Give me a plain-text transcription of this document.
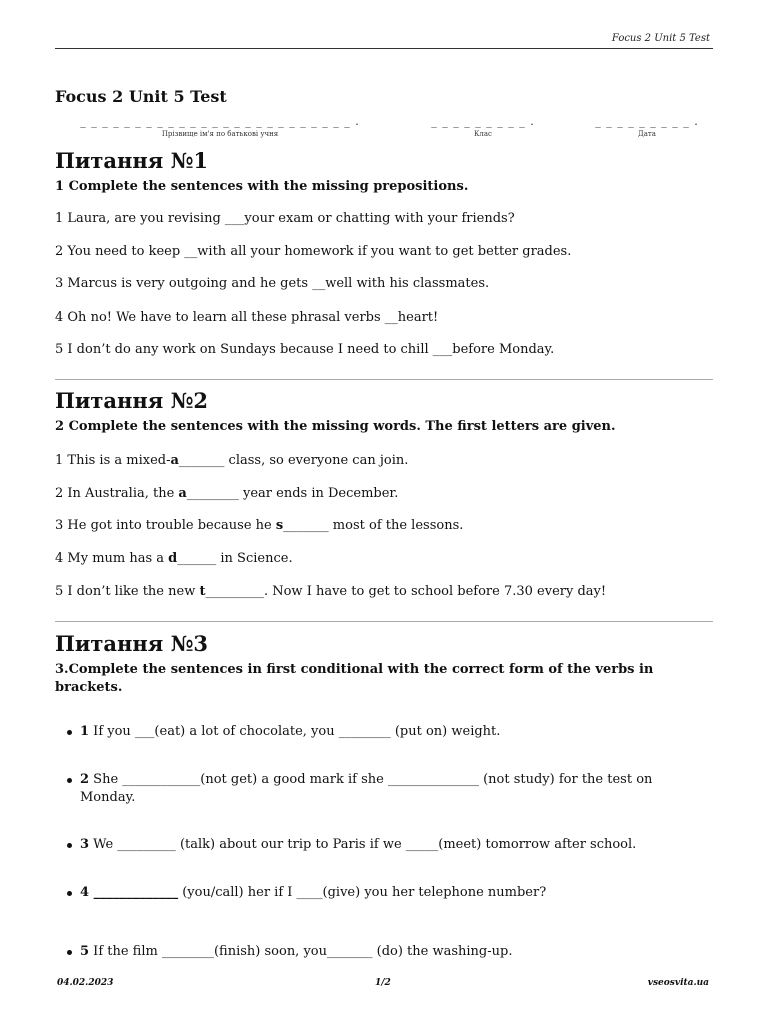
Focus 2 Unit 5 Test
Focus 2 Unit 5 Test
_ _ _ _ _ _ _ _ _ _ _ _ _ _ _ _ _ _ _ _ _ _ _ _ _ .
Прізвище ім'я по батькові учня
_ _ _ _ _ _ _ _ _ .
Клас
_ _ _ _ _ _ _ _ _ .
Дата
Питання №1
1 Complete the sentences with the missing prepositions.
1 Laura, are you revising ___your exam or chatting with your friends?
2 You need to keep __with all your homework if you want to get better grades.
3 Marcus is very outgoing and he gets __well with his classmates.
4 Oh no! We have to learn all these phrasal verbs __heart!
5 I don’t do any work on Sundays because I need to chill ___before Monday.
Питання №2
2 Complete the sentences with the missing words. The first letters are given.
1 This is a mixed-a_______ class, so everyone can join.
2 In Australia, the a________ year ends in December.
3 He got into trouble because he s_______ most of the lessons.
4 My mum has a d______ in Science.
5 I don’t like the new t_________. Now I have to get to school before 7.30 every day!
Питання №3
3.Complete the sentences in first conditional with the correct form of the verbs in brackets.
1 If you ___(eat) a lot of chocolate, you ________ (put on) weight.
2 She ____________(not get) a good mark if she ______________ (not study) for the test on Monday.
3 We _________ (talk) about our trip to Paris if we _____(meet) tomorrow after school.
4 _____________ (you/call) her if I ____(give) you her telephone number?
5 If the film ________(finish) soon, you_______ (do) the washing-up.
04.02.2023	1/2	vseosvita.ua
